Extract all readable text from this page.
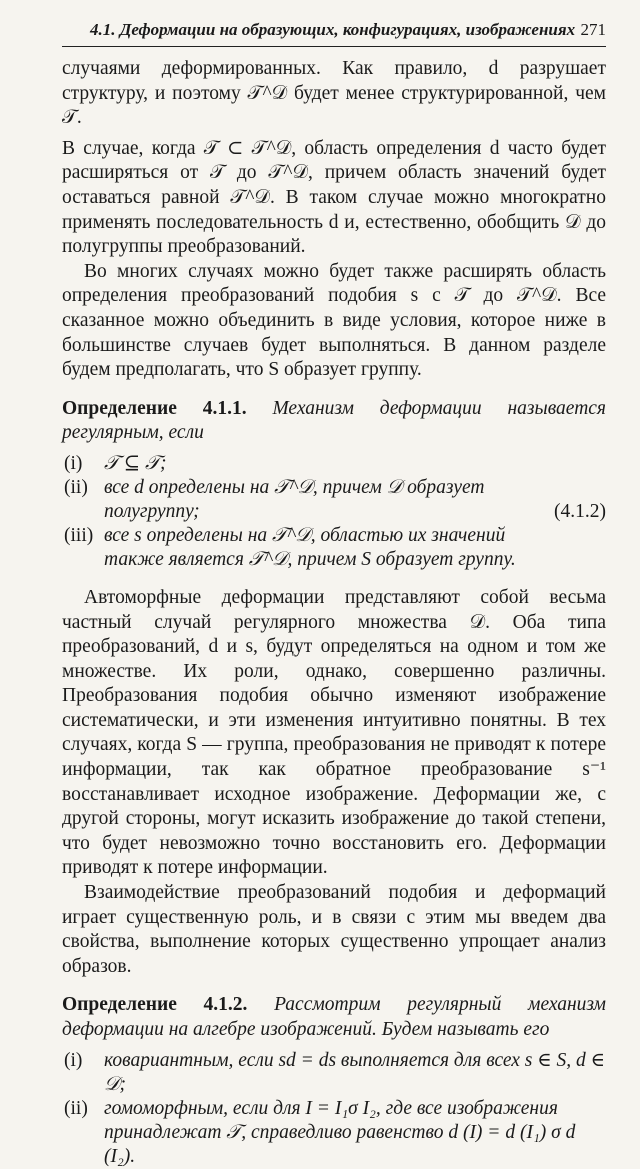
4.1. Деформации на образующих, конфигурациях, изображениях 271

случаями деформированных. Как правило, d разрушает структуру, и поэтому 𝒯^𝒟 будет менее структурированной, чем 𝒯.

В случае, когда 𝒯 ⊂ 𝒯^𝒟, область определения d часто будет расширяться от 𝒯 до 𝒯^𝒟, причем область значений будет оставаться равной 𝒯^𝒟. В таком случае можно многократно применять последовательность d и, естественно, обобщить 𝒟 до полугруппы преобразований.

Во многих случаях можно будет также расширять область определения преобразований подобия s с 𝒯 до 𝒯^𝒟. Все сказанное можно объединить в виде условия, которое ниже в большинстве случаев будет выполняться. В данном разделе будем предполагать, что S образует группу.

Определение 4.1.1. Механизм деформации называется регулярным, если
(i)	𝒯 ⊆ 𝒯;
(ii) все d определены на 𝒯^𝒟, причем 𝒟 образует полугруппу;	(4.1.2)
(iii) все s определены на 𝒯^𝒟, областью их значений также является 𝒯^𝒟, причем S образует группу.

Автоморфные деформации представляют собой весьма частный случай регулярного множества 𝒟. Оба типа преобразований, d и s, будут определяться на одном и том же множестве. Их роли, однако, совершенно различны. Преобразования подобия обычно изменяют изображение систематически, и эти изменения интуитивно понятны. В тех случаях, когда S — группа, преобразования не приводят к потере информации, так как обратное преобразование s⁻¹ восстанавливает исходное изображение. Деформации же, с другой стороны, могут исказить изображение до такой степени, что будет невозможно точно восстановить его. Деформации приводят к потере информации.

Взаимодействие преобразований подобия и деформаций играет существенную роль, и в связи с этим мы введем два свойства, выполнение которых существенно упрощает анализ образов.

Определение 4.1.2. Рассмотрим регулярный механизм деформации на алгебре изображений. Будем называть его
(i)	ковариантным, если sd = ds выполняется для всех s ∈ S, d ∈ 𝒟;
(ii) гомоморфным, если для I = I₁σ I₂, где все изображения принадлежат 𝒯, справедливо равенство d (I) = d (I₁) σ d (I₂).
